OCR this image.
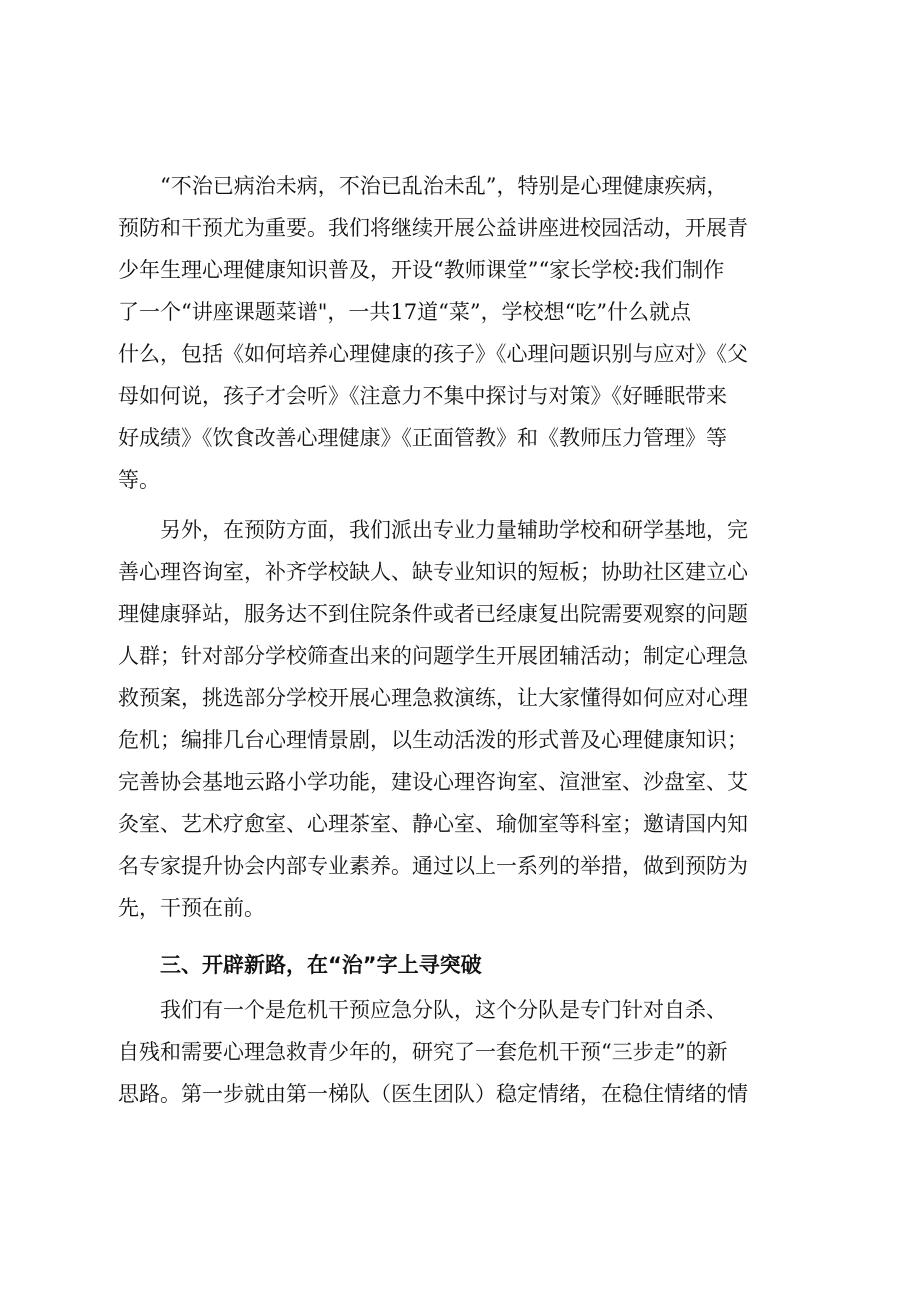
“不治已病治未病，不治已乱治未乱”，特别是心理健康疾病，

预防和干预尤为重要。我们将继续开展公益讲座进校园活动，开展青

少年生理心理健康知识普及，开设“教师课堂”“家长学校:我们制作

了一个“讲座课题菜谱"，一共17道“菜”，学校想“吃”什么就点

什么，包括《如何培养心理健康的孩子》《心理问题识别与应对》《父

母如何说，孩子才会听》《注意力不集中探讨与对策》《好睡眠带来

好成绩》《饮食改善心理健康》《正面管教》和《教师压力管理》等

等。

另外，在预防方面，我们派出专业力量辅助学校和研学基地，完

善心理咨询室，补齐学校缺人、缺专业知识的短板；协助社区建立心

理健康驿站，服务达不到住院条件或者已经康复出院需要观察的问题

人群；针对部分学校筛查出来的问题学生开展团辅活动；制定心理急

救预案，挑选部分学校开展心理急救演练，让大家懂得如何应对心理

危机；编排几台心理情景剧，以生动活泼的形式普及心理健康知识；

完善协会基地云路小学功能，建设心理咨询室、渲泄室、沙盘室、艾

灸室、艺术疗愈室、心理茶室、静心室、瑜伽室等科室；邀请国内知

名专家提升协会内部专业素养。通过以上一系列的举措，做到预防为

先，干预在前。

三、开辟新路，在“治”字上寻突破

我们有一个是危机干预应急分队，这个分队是专门针对自杀、

自残和需要心理急救青少年的，研究了一套危机干预“三步走”的新

思路。第一步就由第一梯队（医生团队）稳定情绪，在稳住情绪的情
